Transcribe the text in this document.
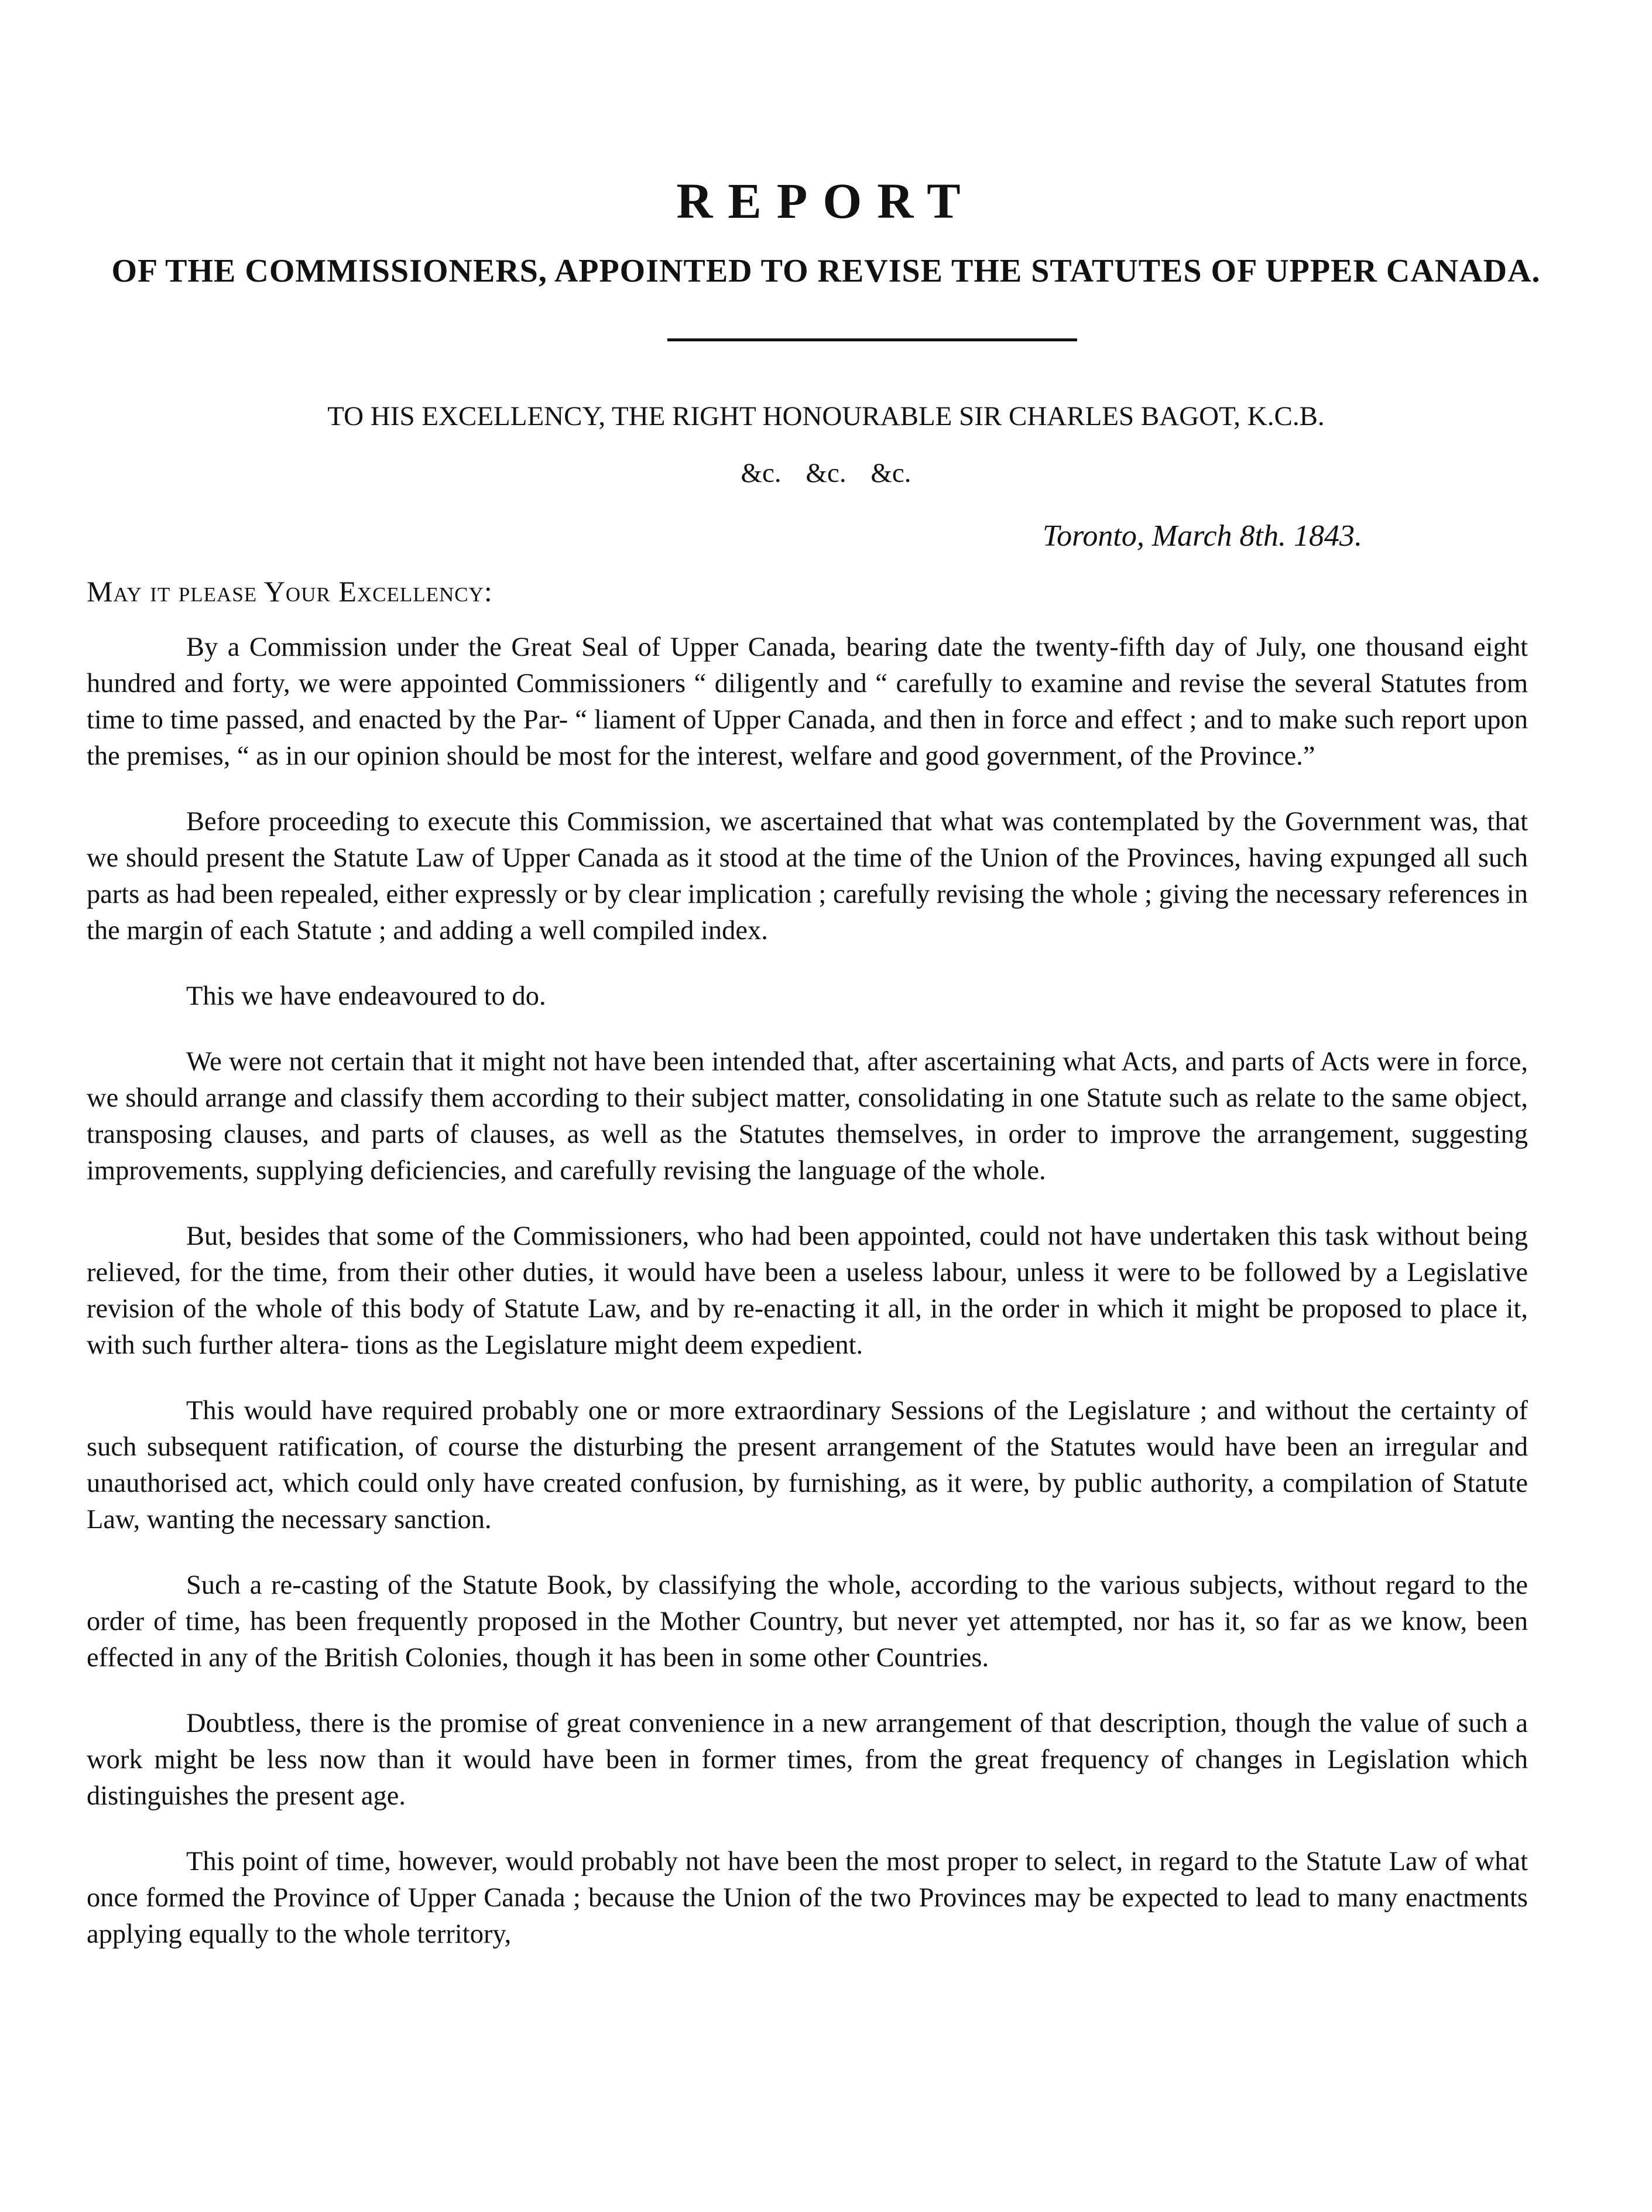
REPORT
OF THE COMMISSIONERS, APPOINTED TO REVISE THE STATUTES OF UPPER CANADA.
TO HIS EXCELLENCY, THE RIGHT HONOURABLE SIR CHARLES BAGOT, K.C.B.
&c. &c. &c.
Toronto, March 8th. 1843.
May it please Your Excellency:

By a Commission under the Great Seal of Upper Canada, bearing date the twenty-fifth day of July, one thousand eight hundred and forty, we were appointed Commissioners “ diligently and “ carefully to examine and revise the several Statutes from time to time passed, and enacted by the Par- “ liament of Upper Canada, and then in force and effect ; and to make such report upon the premises, “ as in our opinion should be most for the interest, welfare and good government, of the Province.”

Before proceeding to execute this Commission, we ascertained that what was contemplated by the Government was, that we should present the Statute Law of Upper Canada as it stood at the time of the Union of the Provinces, having expunged all such parts as had been repealed, either expressly or by clear implication ; carefully revising the whole ; giving the necessary references in the margin of each Statute ; and adding a well compiled index.

This we have endeavoured to do.

We were not certain that it might not have been intended that, after ascertaining what Acts, and parts of Acts were in force, we should arrange and classify them according to their subject matter, consolidating in one Statute such as relate to the same object, transposing clauses, and parts of clauses, as well as the Statutes themselves, in order to improve the arrangement, suggesting improvements, supplying deficiencies, and carefully revising the language of the whole.

But, besides that some of the Commissioners, who had been appointed, could not have undertaken this task without being relieved, for the time, from their other duties, it would have been a useless labour, unless it were to be followed by a Legislative revision of the whole of this body of Statute Law, and by re-enacting it all, in the order in which it might be proposed to place it, with such further altera- tions as the Legislature might deem expedient.

This would have required probably one or more extraordinary Sessions of the Legislature ; and without the certainty of such subsequent ratification, of course the disturbing the present arrangement of the Statutes would have been an irregular and unauthorised act, which could only have created confusion, by furnishing, as it were, by public authority, a compilation of Statute Law, wanting the necessary sanction.

Such a re-casting of the Statute Book, by classifying the whole, according to the various subjects, without regard to the order of time, has been frequently proposed in the Mother Country, but never yet attempted, nor has it, so far as we know, been effected in any of the British Colonies, though it has been in some other Countries.

Doubtless, there is the promise of great convenience in a new arrangement of that description, though the value of such a work might be less now than it would have been in former times, from the great frequency of changes in Legislation which distinguishes the present age.

This point of time, however, would probably not have been the most proper to select, in regard to the Statute Law of what once formed the Province of Upper Canada ; because the Union of the two Provinces may be expected to lead to many enactments applying equally to the whole territory,
